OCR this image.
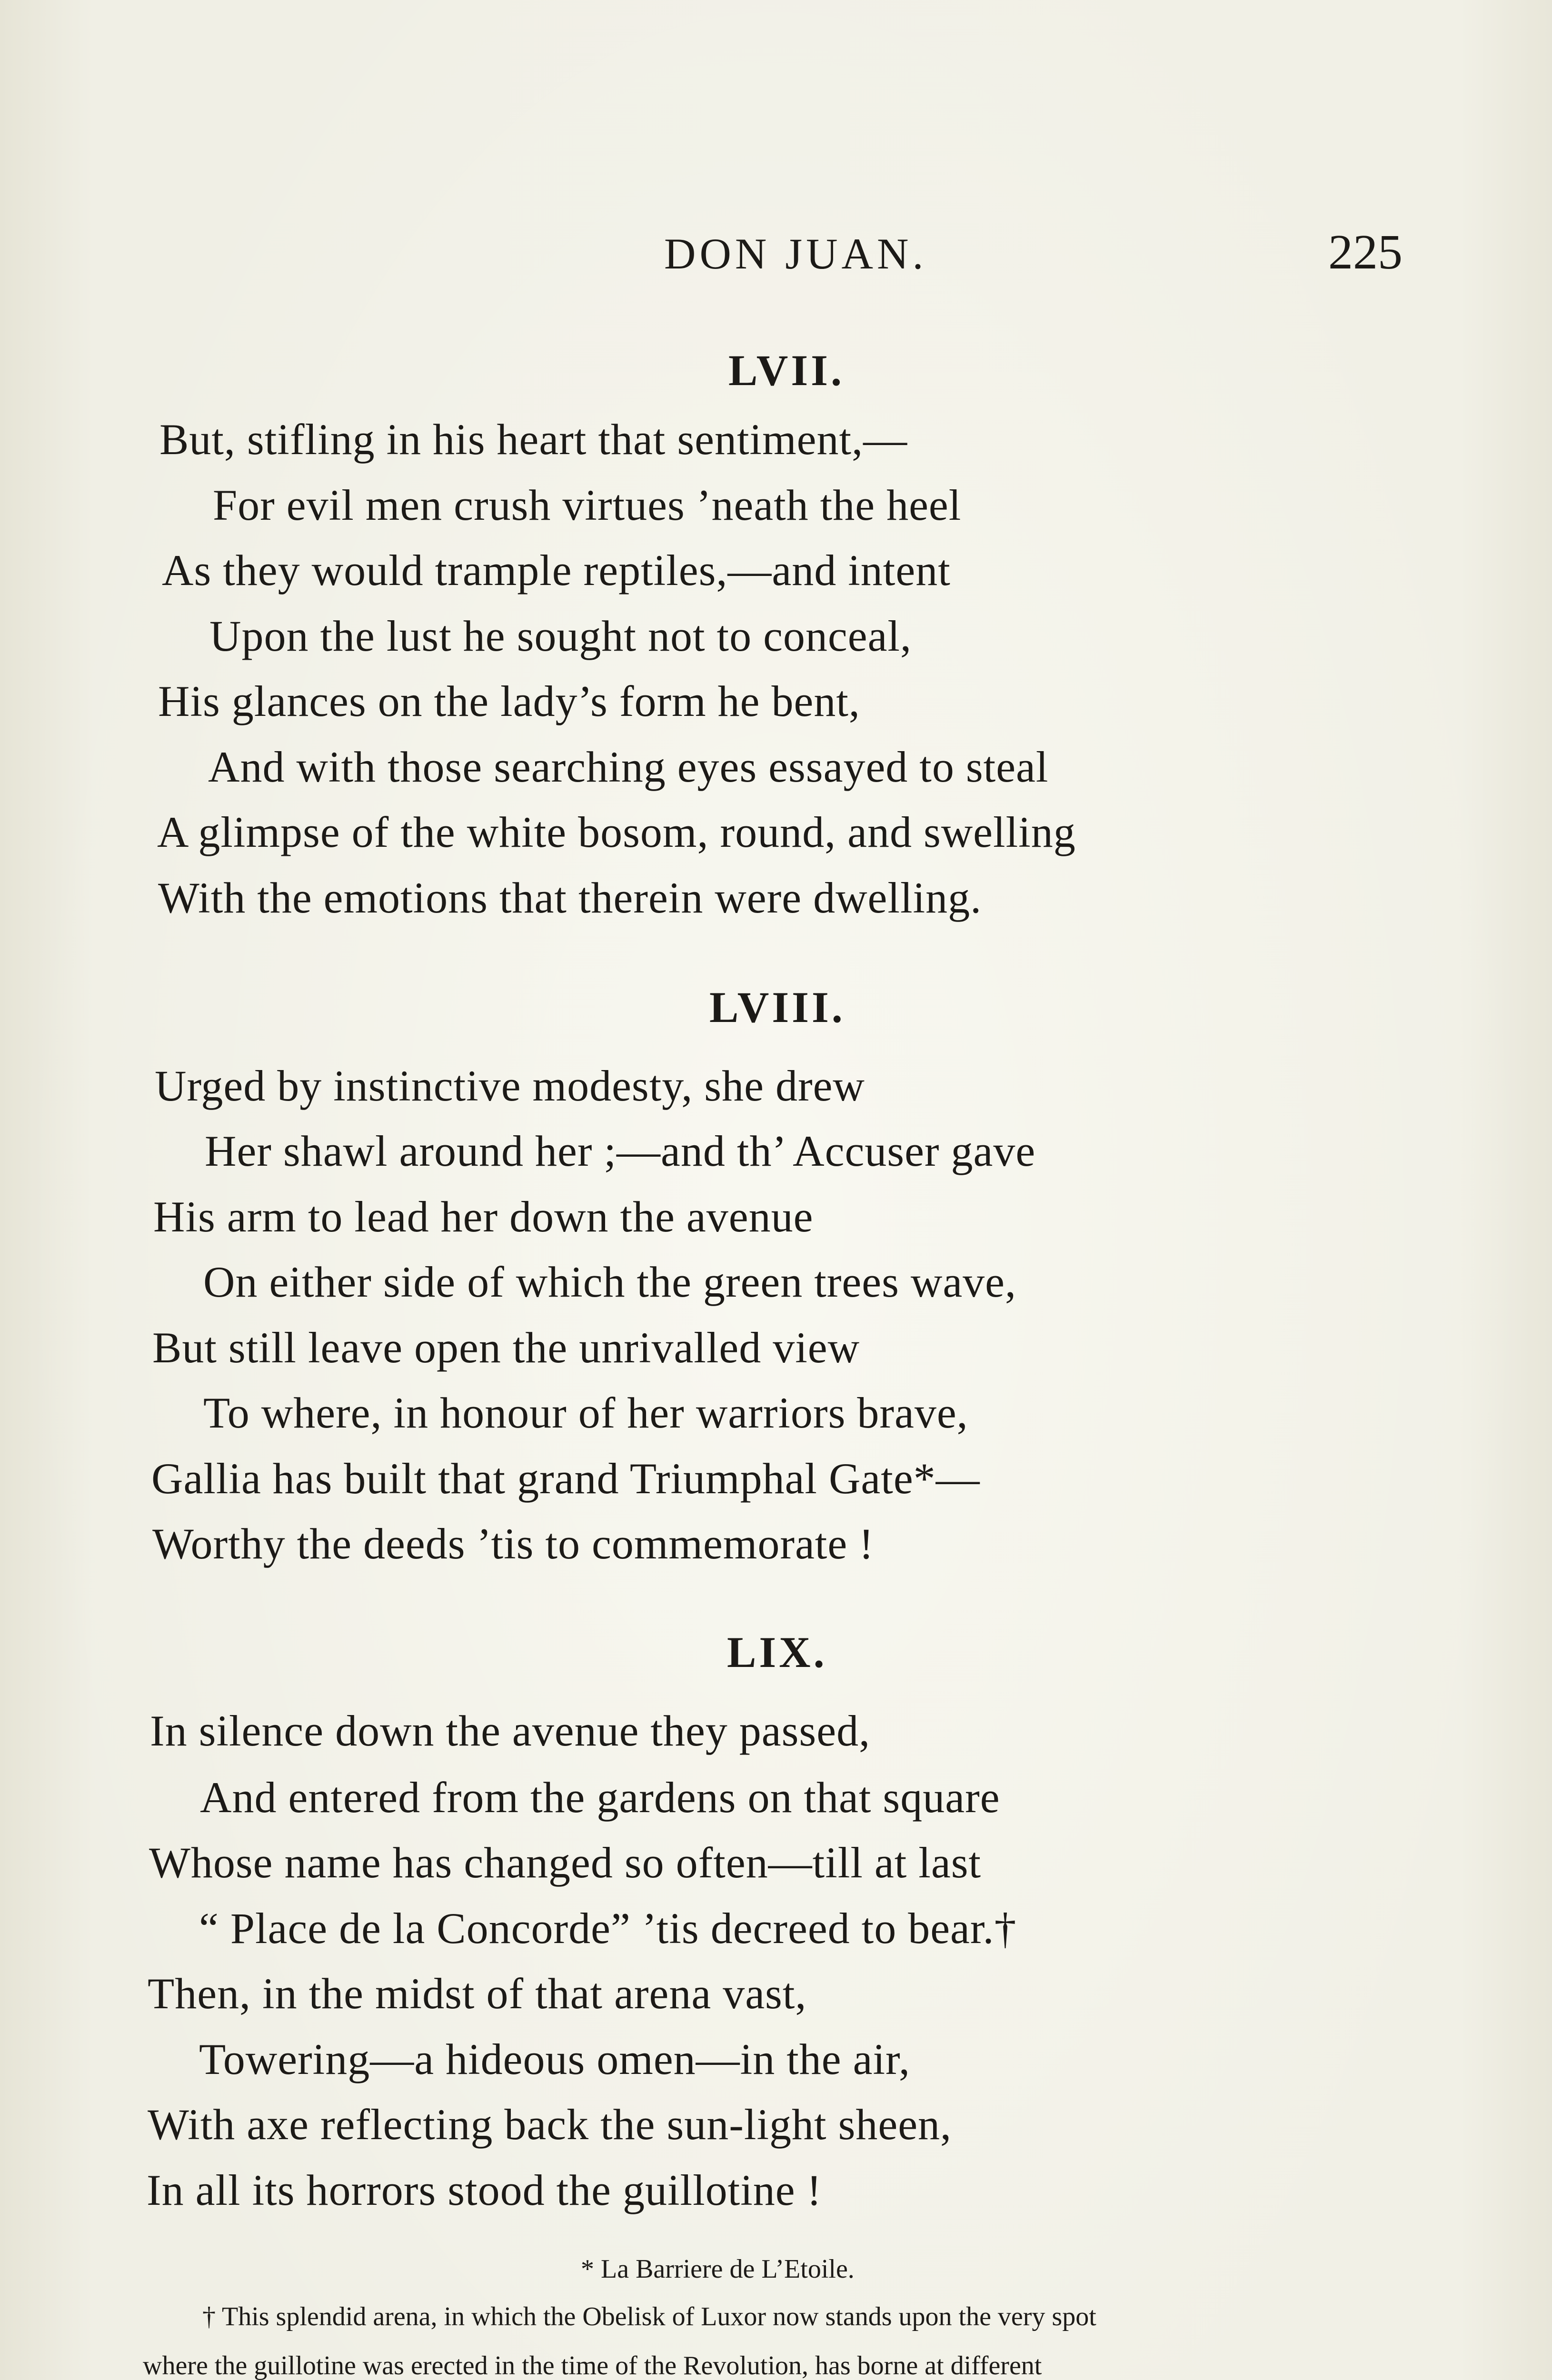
DON JUAN.	225
LVII.
But, stifling in his heart that sentiment,—
For evil men crush virtues ’neath the heel
As they would trample reptiles,—and intent
Upon the lust he sought not to conceal,
His glances on the lady’s form he bent,
And with those searching eyes essayed to steal
A glimpse of the white bosom, round, and swelling
With the emotions that therein were dwelling.
LVIII.
Urged by instinctive modesty, she drew
Her shawl around her ;—and th’ Accuser gave
His arm to lead her down the avenue
On either side of which the green trees wave,
But still leave open the unrivalled view
To where, in honour of her warriors brave,
Gallia has built that grand Triumphal Gate*—
Worthy the deeds ’tis to commemorate !
LIX.
In silence down the avenue they passed,
And entered from the gardens on that square
Whose name has changed so often—till at last
“ Place de la Concorde” ’tis decreed to bear.†
Then, in the midst of that arena vast,
Towering—a hideous omen—in the air,
With axe reflecting back the sun-light sheen,
In all its horrors stood the guillotine !
* La Barriere de L’Etoile.
† This splendid arena, in which the Obelisk of Luxor now stands upon the very spot
where the guillotine was erected in the time of the Revolution, has borne at different
